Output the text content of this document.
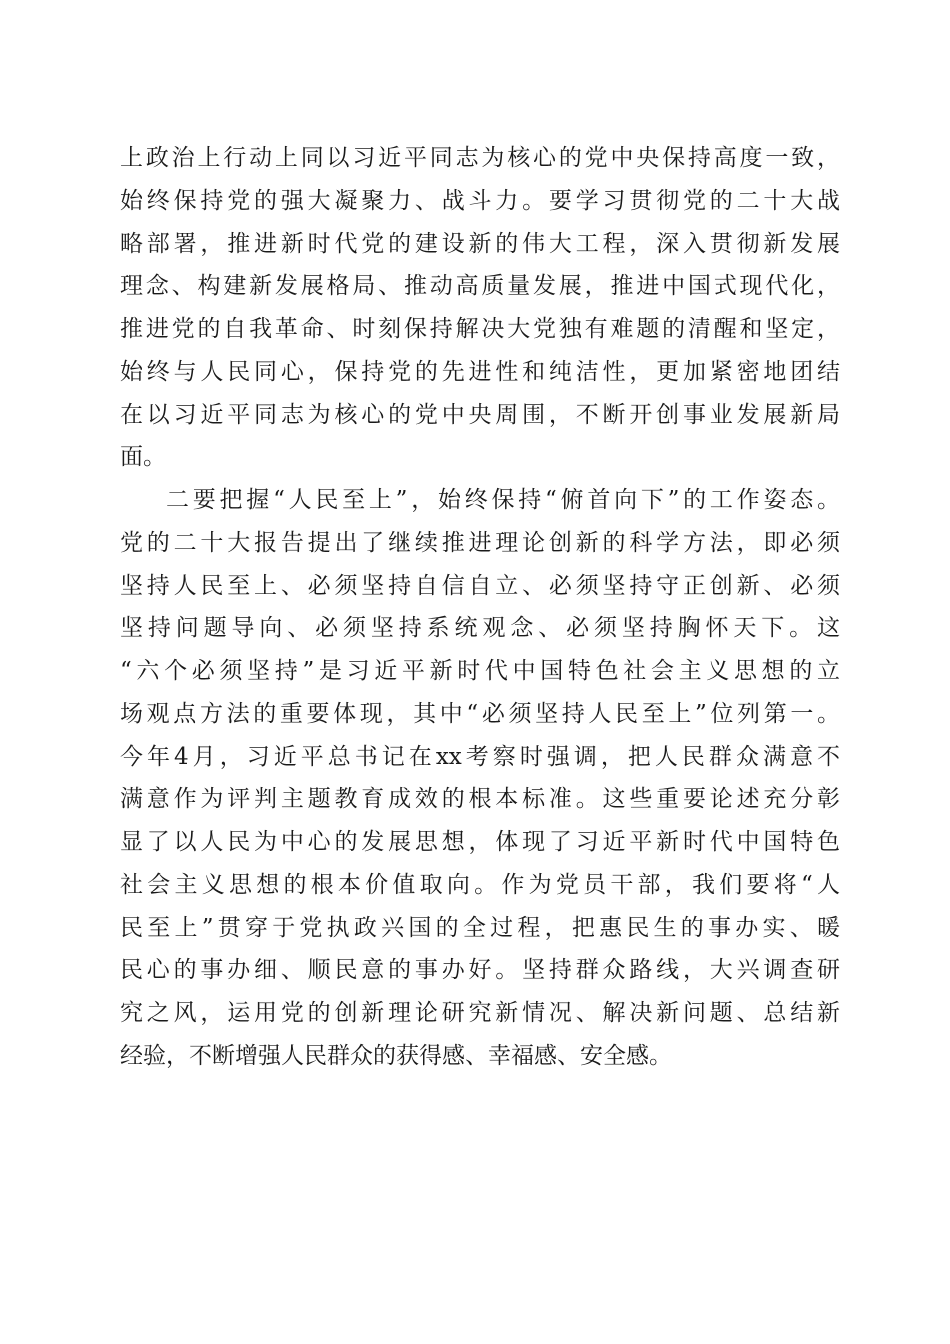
上政治上行动上同以习近平同志为核心的党中央保持高度一致，
始终保持党的强大凝聚力、战斗力。要学习贯彻党的二十大战
略部署，推进新时代党的建设新的伟大工程，深入贯彻新发展
理念、构建新发展格局、推动高质量发展，推进中国式现代化，
推进党的自我革命、时刻保持解决大党独有难题的清醒和坚定，
始终与人民同心，保持党的先进性和纯洁性，更加紧密地团结
在以习近平同志为核心的党中央周围，不断开创事业发展新局
面。
二要把握“人民至上”，始终保持“俯首向下”的工作姿态。
党的二十大报告提出了继续推进理论创新的科学方法，即必须
坚持人民至上、必须坚持自信自立、必须坚持守正创新、必须
坚持问题导向、必须坚持系统观念、必须坚持胸怀天下。这
“六个必须坚持”是习近平新时代中国特色社会主义思想的立
场观点方法的重要体现，其中“必须坚持人民至上”位列第一。
今年4月，习近平总书记在xx考察时强调，把人民群众满意不
满意作为评判主题教育成效的根本标准。这些重要论述充分彰
显了以人民为中心的发展思想，体现了习近平新时代中国特色
社会主义思想的根本价值取向。作为党员干部，我们要将“人
民至上”贯穿于党执政兴国的全过程，把惠民生的事办实、暖
民心的事办细、顺民意的事办好。坚持群众路线，大兴调查研
究之风，运用党的创新理论研究新情况、解决新问题、总结新
经验，不断增强人民群众的获得感、幸福感、安全感。
